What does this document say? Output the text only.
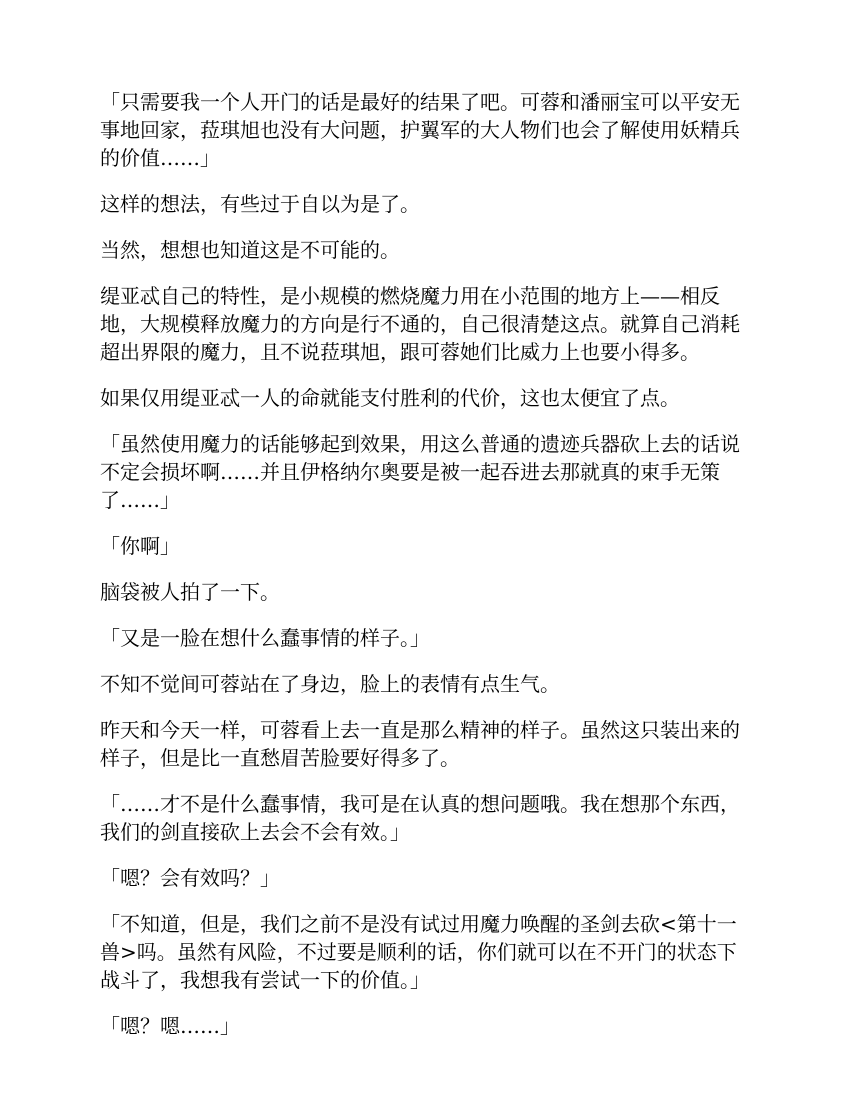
「只需要我一个人开门的话是最好的结果了吧。可蓉和潘丽宝可以平安无事地回家，菈琪旭也没有大问题，护翼军的大人物们也会了解使用妖精兵的价值……」

这样的想法，有些过于自以为是了。

当然，想想也知道这是不可能的。

缇亚忒自己的特性，是小规模的燃烧魔力用在小范围的地方上——相反地，大规模释放魔力的方向是行不通的，自己很清楚这点。就算自己消耗超出界限的魔力，且不说菈琪旭，跟可蓉她们比威力上也要小得多。

如果仅用缇亚忒一人的命就能支付胜利的代价，这也太便宜了点。

「虽然使用魔力的话能够起到效果，用这么普通的遗迹兵器砍上去的话说不定会损坏啊……并且伊格纳尔奥要是被一起吞进去那就真的束手无策了……」

「你啊」

脑袋被人拍了一下。

「又是一脸在想什么蠢事情的样子。」

不知不觉间可蓉站在了身边，脸上的表情有点生气。

昨天和今天一样，可蓉看上去一直是那么精神的样子。虽然这只装出来的样子，但是比一直愁眉苦脸要好得多了。

「……才不是什么蠢事情，我可是在认真的想问题哦。我在想那个东西，我们的剑直接砍上去会不会有效。」

「嗯？会有效吗？」

「不知道，但是，我们之前不是没有试过用魔力唤醒的圣剑去砍<第十一兽>吗。虽然有风险，不过要是顺利的话，你们就可以在不开门的状态下战斗了，我想我有尝试一下的价值。」

「嗯？嗯……」
